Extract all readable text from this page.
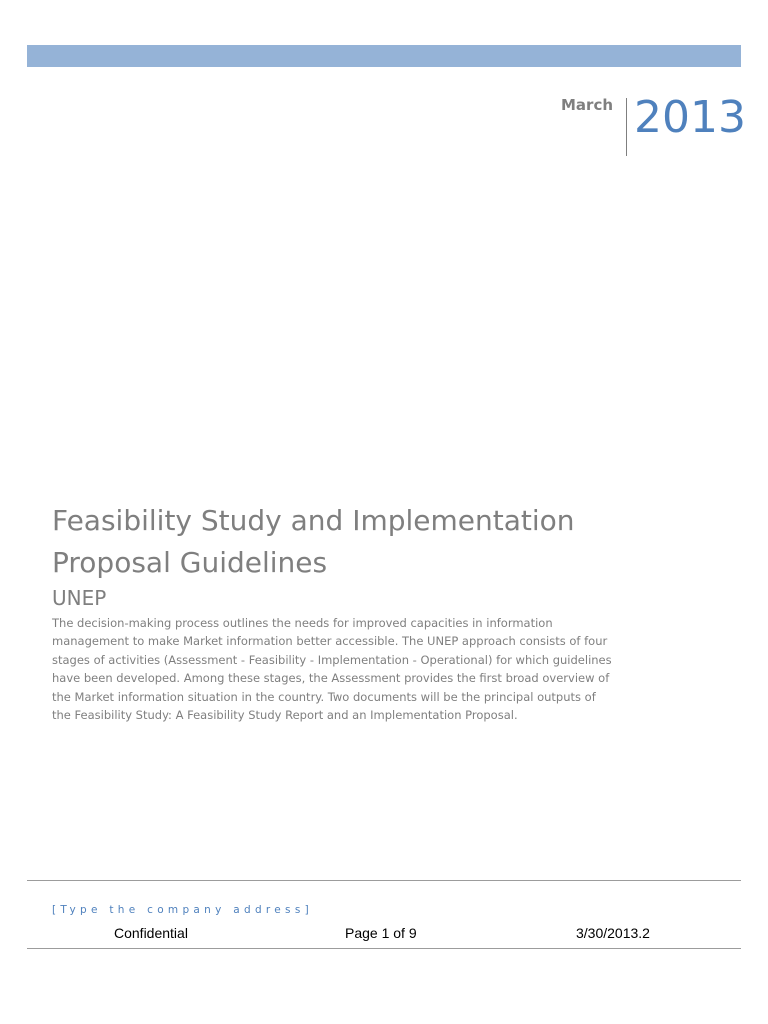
March 2013
Feasibility Study and Implementation Proposal Guidelines
UNEP
The decision-making process outlines the needs for improved capacities in information management to make Market information better accessible. The UNEP approach consists of four stages of activities (Assessment - Feasibility - Implementation - Operational) for which guidelines have been developed. Among these stages, the Assessment provides the first broad overview of the Market information situation in the country. Two documents will be the principal outputs of the Feasibility Study: A Feasibility Study Report and an Implementation Proposal.
[Type the company address]
Confidential	Page 1 of 9	3/30/2013.2
